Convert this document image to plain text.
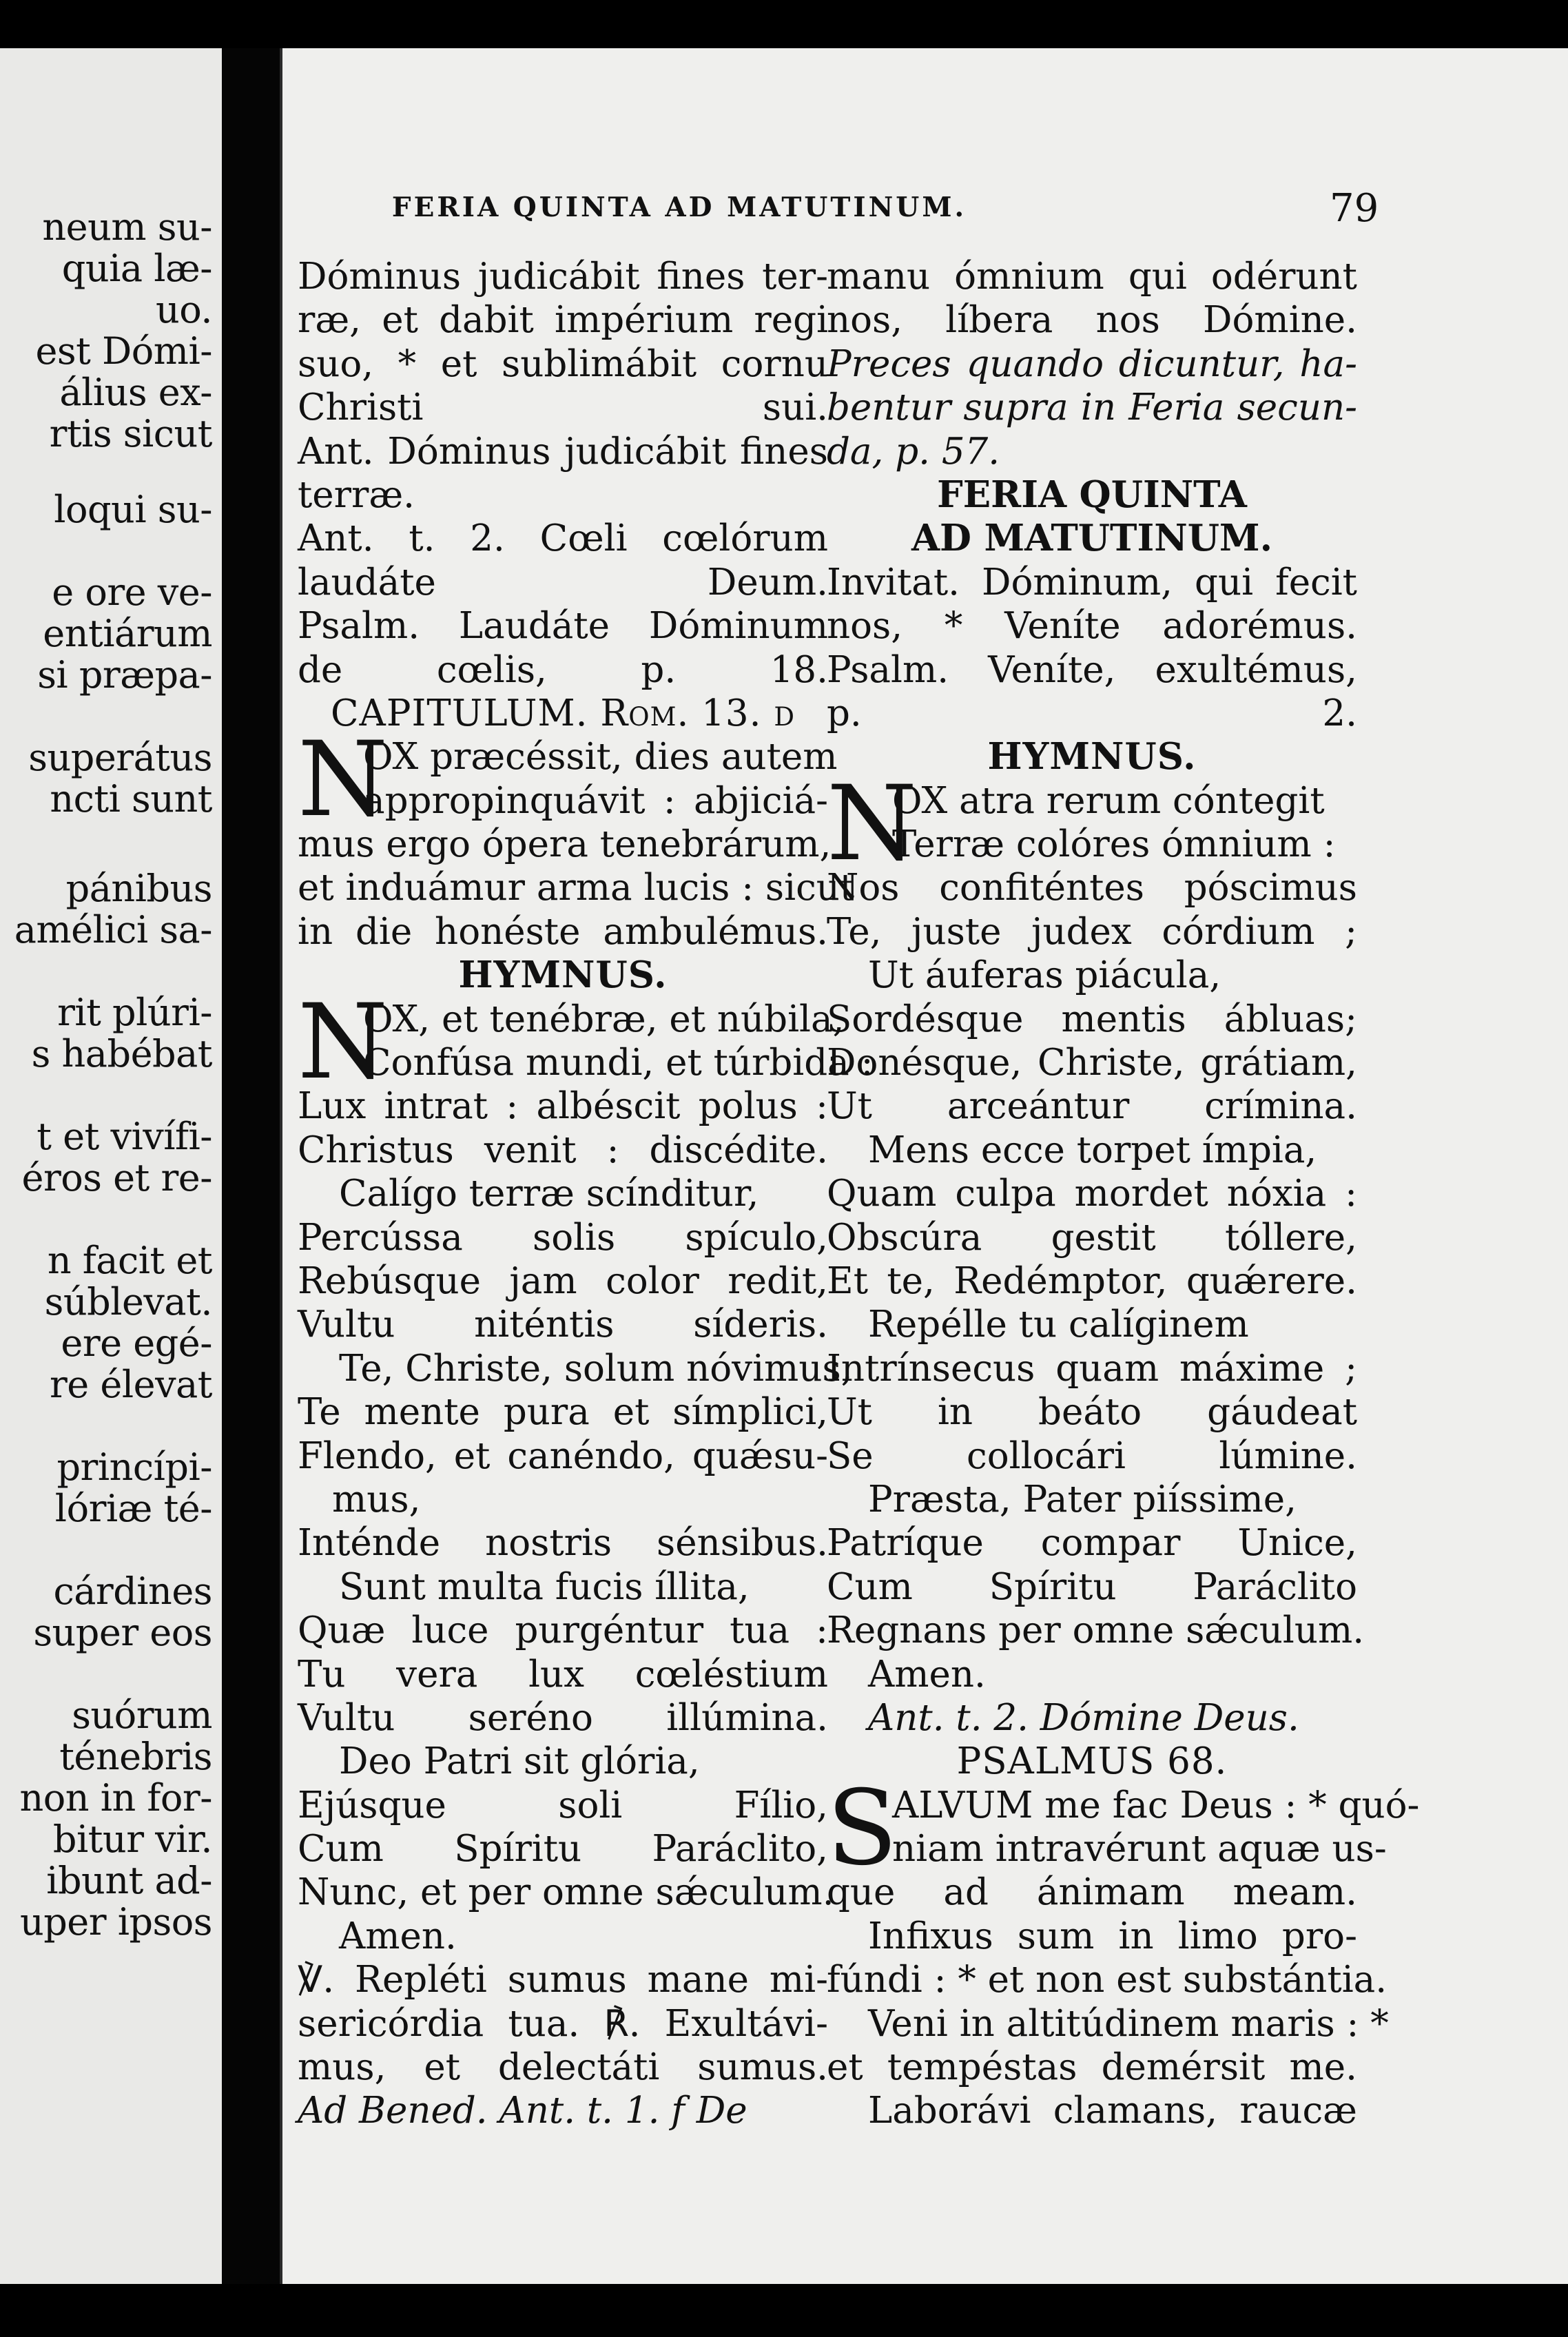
neum su-
quia læ-
uo.
est Dómi-
álius ex-
rtis sicut
loqui su-
e ore ve-
entiárum
si præpa-
superátus
ncti sunt
pánibus
amélici sa-
rit plúri-
s habébat
t et vivífi-
éros et re-
n facit et
súblevat.
ere egé-
re élevat
princípi-
lóriæ té-
cárdines
super eos
suórum
ténebris
non in for-
bitur vir.
ibunt ad-
uper ipsos
FERIA QUINTA AD MATUTINUM.	79
Dóminus judicábit fines ter-
ræ, et dabit impérium regi
suo, * et sublimábit cornu
Christi sui.
Ant. Dóminus judicábit fines
terræ.
Ant. t. 2. Cœli cœlórum
laudáte Deum.
Psalm. Laudáte Dóminum
de cœlis, p. 18.
CAPITULUM. Rom. 13. d
OX præcéssit, dies autem
appropinquávit : abjiciá-
mus ergo ópera tenebrárum,
et induámur arma lucis : sicut
in die honéste ambulémus.
HYMNUS.
OX, et tenébræ, et núbila,
Confúsa mundi, et túrbida :
Lux intrat : albéscit polus :
Christus venit : discédite.
Calígo terræ scínditur,
Percússa solis spículo,
Rebúsque jam color redit,
Vultu niténtis síderis.
Te, Christe, solum nóvimus,
Te mente pura et símplici,
Flendo, et canéndo, quǽsu-
mus,
Inténde nostris sénsibus.
Sunt multa fucis íllita,
Quæ luce purgéntur tua :
Tu vera lux cœléstium
Vultu seréno illúmina.
Deo Patri sit glória,
Ejúsque soli Fílio,
Cum Spíritu Paráclito,
Nunc, et per omne sǽculum.
Amen.
℣. Repléti sumus mane mi-
sericórdia tua. ℟. Exultávi-
mus, et delectáti sumus.
Ad Bened. Ant. t. 1. f De
N
N
manu ómnium qui odérunt
nos, líbera nos Dómine.
Preces quando dicuntur, ha-
bentur supra in Feria secun-
da, p. 57.
FERIA QUINTA
AD MATUTINUM.
Invitat. Dóminum, qui fecit
nos, * Veníte adorémus.
Psalm. Veníte, exultémus,
p. 2.
HYMNUS.
OX atra rerum cóntegit
Terræ colóres ómnium :
Nos confiténtes póscimus
Te, juste judex córdium ;
Ut áuferas piácula,
Sordésque mentis ábluas;
Donésque, Christe, grátiam,
Ut arceántur crímina.
Mens ecce torpet ímpia,
Quam culpa mordet nóxia :
Obscúra gestit tóllere,
Et te, Redémptor, quǽrere.
Repélle tu calíginem
Intrínsecus quam máxime ;
Ut in beáto gáudeat
Se collocári lúmine.
Præsta, Pater piíssime,
Patríque compar Unice,
Cum Spíritu Paráclito
Regnans per omne sǽculum.
Amen.
Ant. t. 2. Dómine Deus.
PSALMUS 68.
ALVUM me fac Deus : * quó-
niam intravérunt aquæ us-
que ad ánimam meam.
Infixus sum in limo pro-
fúndi : * et non est substántia.
Veni in altitúdinem maris : *
et tempéstas demérsit me.
Laborávi clamans, raucæ
N
S
